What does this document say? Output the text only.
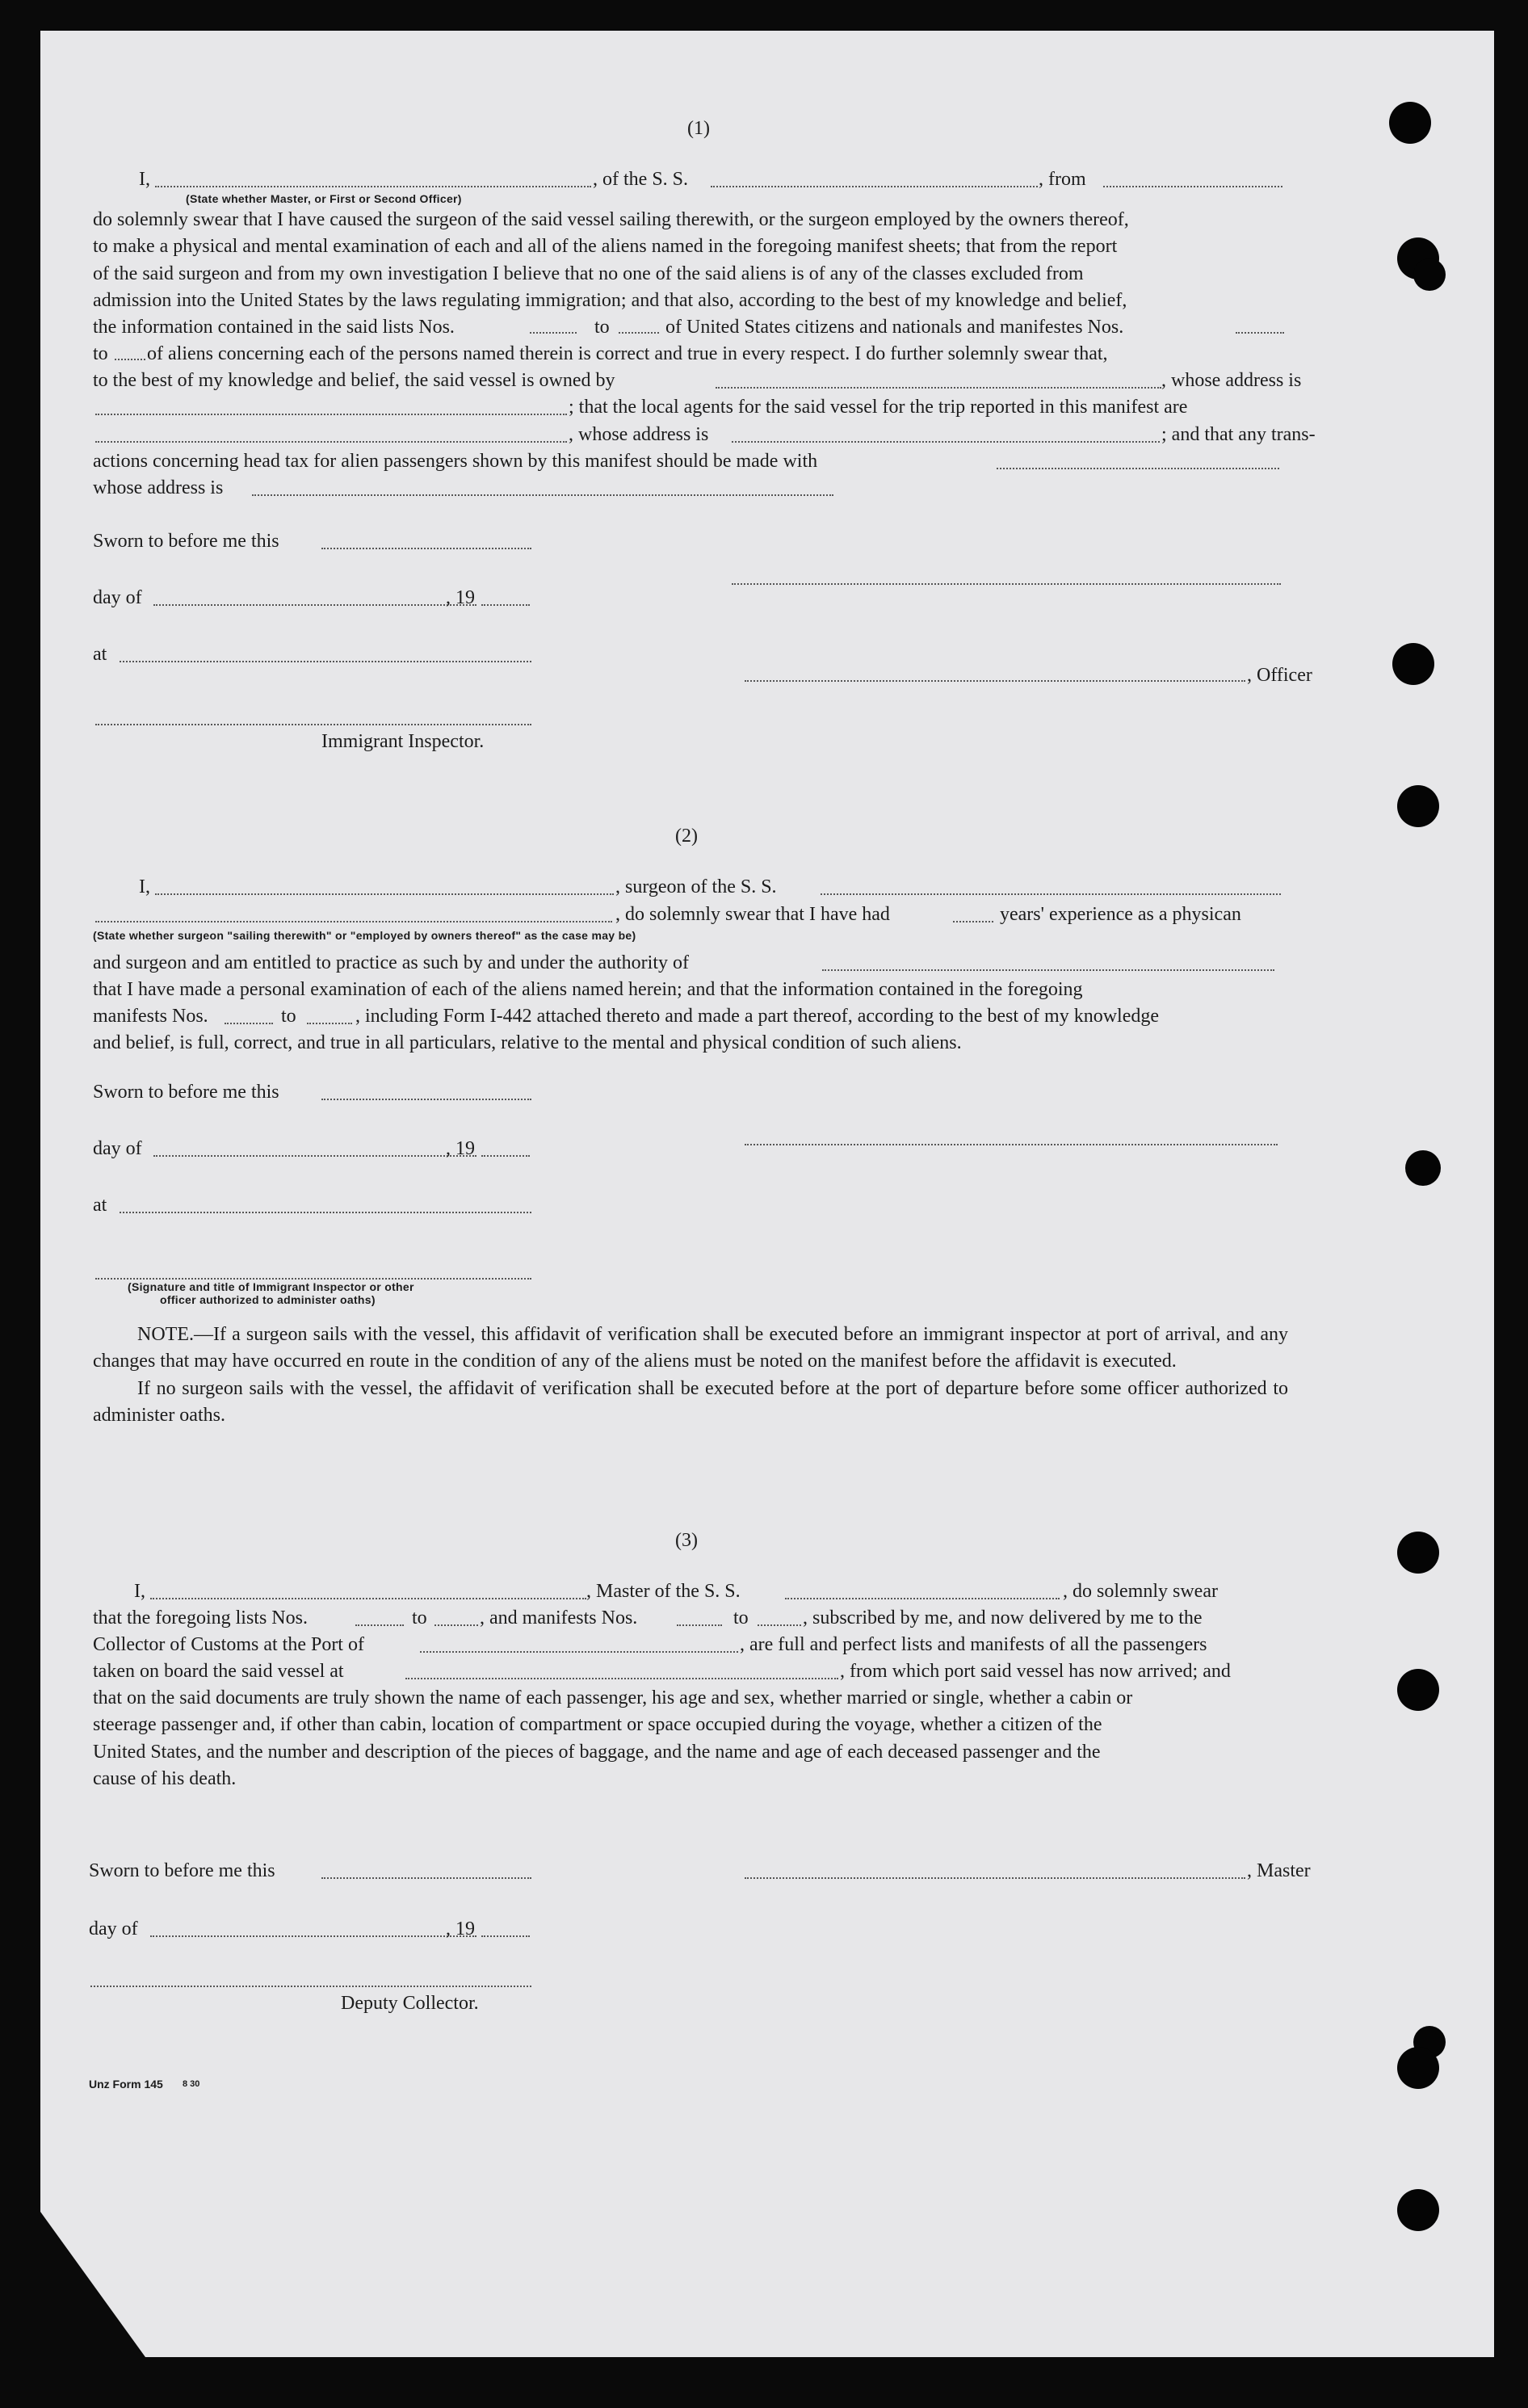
(1)
I,	, of the S. S.	, from
(State whether Master, or First or Second Officer)

do solemnly swear that I have caused the surgeon of the said vessel sailing therewith, or the surgeon employed by the owners thereof,

to make a physical and mental examination of each and all of the aliens named in the foregoing manifest sheets; that from the report

of the said surgeon and from my own investigation I believe that no one of the said aliens is of any of the classes excluded from

admission into the United States by the laws regulating immigration; and that also, according to the best of my knowledge and belief,

the information contained in the said lists Nos.	to	of United States citizens and nationals and manifestes Nos.
to of aliens concerning each of the persons named therein is correct and true in every respect. I do further solemnly swear that,
to the best of my knowledge and belief, the said vessel is owned by	, whose address is
; that the local agents for the said vessel for the trip reported in this manifest are
, whose address is	; and that any trans-
actions concerning head tax for alien passengers shown by this manifest should be made with
whose address is
Sworn to before me this
day of	, 19
at
, Officer
Immigrant Inspector.
(2)
I,	, surgeon of the S. S.
, do solemnly swear that I have had	years' experience as a physican
(State whether surgeon "sailing therewith" or "employed by owners thereof" as the case may be)
and surgeon and am entitled to practice as such by and under the authority of
that I have made a personal examination of each of the aliens named herein; and that the information contained in the foregoing
manifests Nos.	to	, including Form I-442 attached thereto and made a part thereof, according to the best of my knowledge
and belief, is full, correct, and true in all particulars, relative to the mental and physical condition of such aliens.
Sworn to before me this
day of	, 19
at
(Signature and title of Immigrant Inspector or other
officer authorized to administer oaths)

NOTE.—If a surgeon sails with the vessel, this affidavit of verification shall be executed before an immigrant inspector at port of arrival, and any changes that may have occurred en route in the condition of any of the aliens must be noted on the manifest before the affidavit is executed.

If no surgeon sails with the vessel, the affidavit of verification shall be executed before at the port of departure before some officer authorized to administer oaths.

(3)
I,	, Master of the S. S.	, do solemnly swear
that the foregoing lists Nos.	to	, and manifests Nos.	to	, subscribed by me, and now delivered by me to the
Collector of Customs at the Port of	, are full and perfect lists and manifests of all the passengers
taken on board the said vessel at	, from which port said vessel has now arrived; and

that on the said documents are truly shown the name of each passenger, his age and sex, whether married or single, whether a cabin or

steerage passenger and, if other than cabin, location of compartment or space occupied during the voyage, whether a citizen of the

United States, and the number and description of the pieces of baggage, and the name and age of each deceased passenger and the

cause of his death.

Sworn to before me this	, Master
day of	, 19
Deputy Collector.
Unz Form 145 8 30
